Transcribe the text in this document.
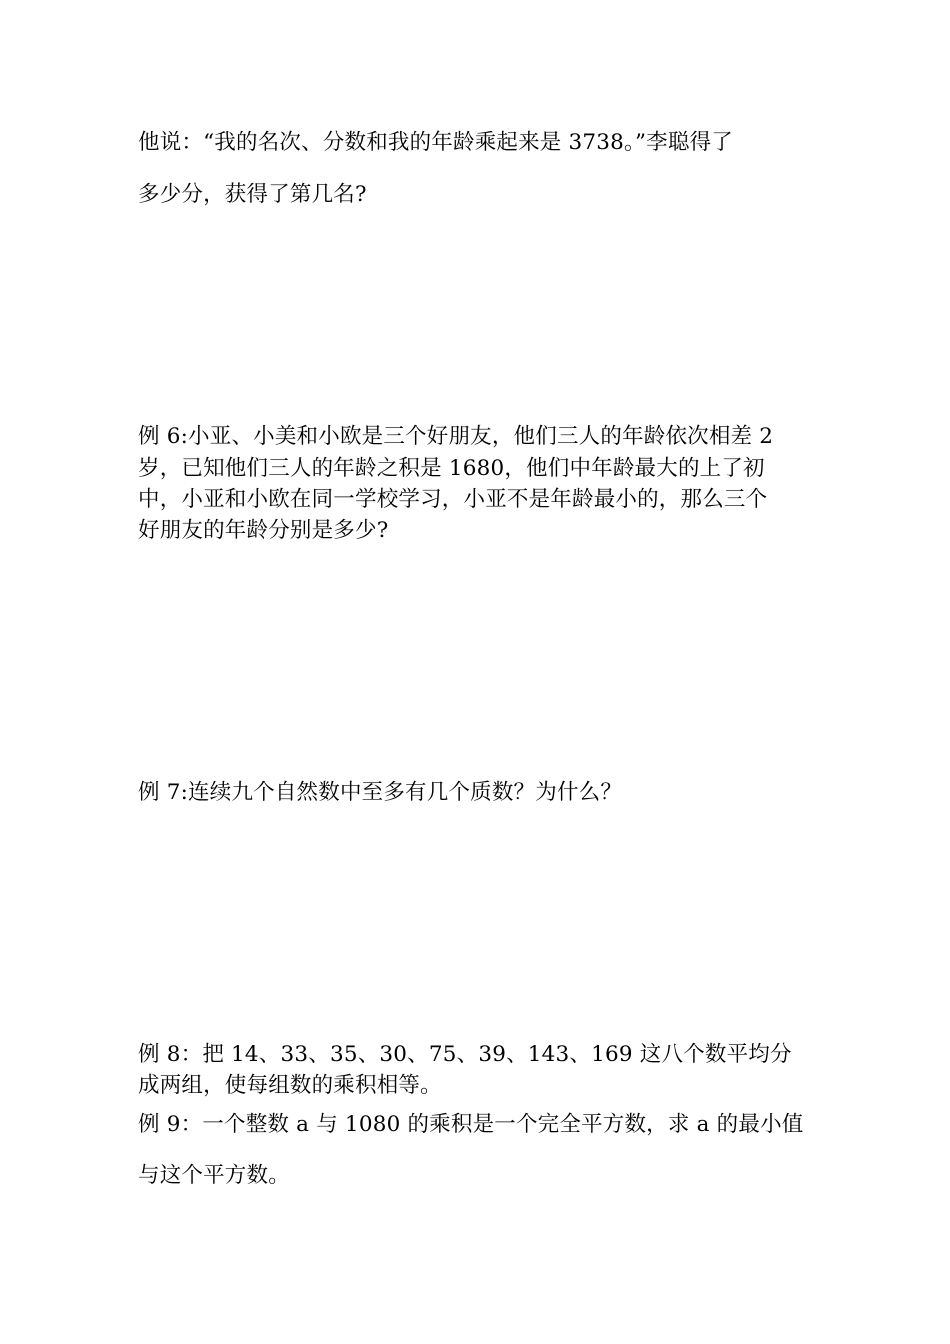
他说：“我的名次、分数和我的年龄乘起来是 3738。”李聪得了
多少分，获得了第几名?
例 6:小亚、小美和小欧是三个好朋友，他们三人的年龄依次相差 2
岁，已知他们三人的年龄之积是 1680，他们中年龄最大的上了初
中，小亚和小欧在同一学校学习，小亚不是年龄最小的，那么三个
好朋友的年龄分别是多少?
例 7:连续九个自然数中至多有几个质数？为什么？
例 8：把 14、33、35、30、75、39、143、169 这八个数平均分
成两组，使每组数的乘积相等。
例 9：一个整数 a 与 1080 的乘积是一个完全平方数，求 a 的最小值
与这个平方数。
